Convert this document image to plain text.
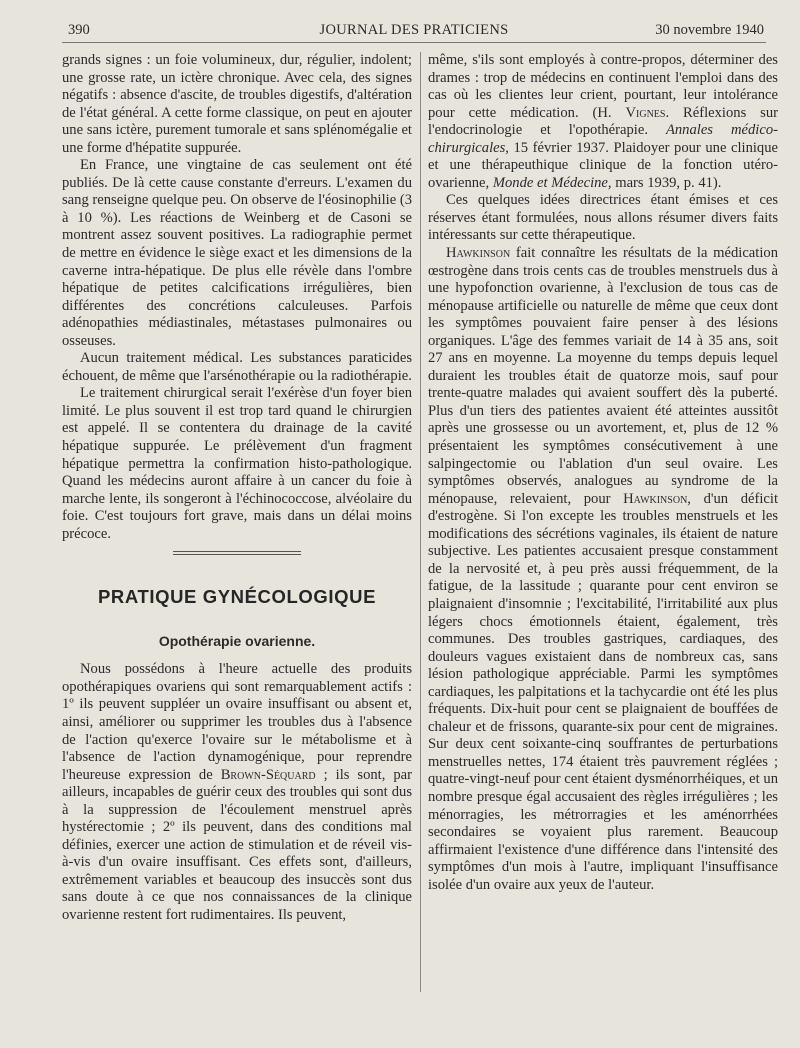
390	JOURNAL DES PRATICIENS	30 novembre 1940

grands signes : un foie volumineux, dur, régulier, indolent; une grosse rate, un ictère chronique. Avec cela, des signes négatifs : absence d'ascite, de troubles digestifs, d'altération de l'état général. A cette forme classique, on peut en ajouter une sans ictère, purement tumorale et sans splénomégalie et une forme d'hépatite suppurée.

En France, une vingtaine de cas seulement ont été publiés. De là cette cause constante d'erreurs. L'examen du sang renseigne quelque peu. On observe de l'éosinophilie (3 à 10 %). Les réactions de Weinberg et de Casoni se montrent assez souvent positives. La radiographie permet de mettre en évidence le siège exact et les dimensions de la caverne intra-hépatique. De plus elle révèle dans l'ombre hépatique de petites calcifications irrégulières, bien différentes des concrétions calculeuses. Parfois adénopathies médiastinales, métastases pulmonaires ou osseuses.

Aucun traitement médical. Les substances paraticides échouent, de même que l'arsénothérapie ou la radiothérapie.

Le traitement chirurgical serait l'exérèse d'un foyer bien limité. Le plus souvent il est trop tard quand le chirurgien est appelé. Il se contentera du drainage de la cavité hépatique suppurée. Le prélèvement d'un fragment hépatique permettra la confirmation histo-pathologique. Quand les médecins auront affaire à un cancer du foie à marche lente, ils songeront à l'échinococcose, alvéolaire du foie. C'est toujours fort grave, mais dans un délai moins précoce.

PRATIQUE GYNÉCOLOGIQUE
Opothérapie ovarienne.

Nous possédons à l'heure actuelle des produits opothérapiques ovariens qui sont remarquablement actifs : 1º ils peuvent suppléer un ovaire insuffisant ou absent et, ainsi, améliorer ou supprimer les troubles dus à l'absence de l'action qu'exerce l'ovaire sur le métabolisme et à l'absence de l'action dynamogénique, pour reprendre l'heureuse expression de Brown-Séquard ; ils sont, par ailleurs, incapables de guérir ceux des troubles qui sont dus à la suppression de l'écoulement menstruel après hystérectomie ; 2º ils peuvent, dans des conditions mal définies, exercer une action de stimulation et de réveil vis-à-vis d'un ovaire insuffisant. Ces effets sont, d'ailleurs, extrêmement variables et beaucoup des insuccès sont dus sans doute à ce que nos connaissances de la clinique ovarienne restent fort rudimentaires. Ils peuvent,

même, s'ils sont employés à contre-propos, déterminer des drames : trop de médecins en continuent l'emploi dans des cas où les clientes leur crient, pourtant, leur intolérance pour cette médication. (H. Vignes. Réflexions sur l'endocrinologie et l'opothérapie. Annales médico-chirurgicales, 15 février 1937. Plaidoyer pour une clinique et une thérapeuthique clinique de la fonction utéro-ovarienne, Monde et Médecine, mars 1939, p. 41).

Ces quelques idées directrices étant émises et ces réserves étant formulées, nous allons résumer divers faits intéressants sur cette thérapeutique.

Hawkinson fait connaître les résultats de la médication œstrogène dans trois cents cas de troubles menstruels dus à une hypofonction ovarienne, à l'exclusion de tous cas de ménopause artificielle ou naturelle de même que ceux dont les symptômes pouvaient faire penser à des lésions organiques. L'âge des femmes variait de 14 à 35 ans, soit 27 ans en moyenne. La moyenne du temps depuis lequel duraient les troubles était de quatorze mois, sauf pour trente-quatre malades qui avaient souffert dès la puberté. Plus d'un tiers des patientes avaient été atteintes aussitôt après une grossesse ou un avortement, et, plus de 12 % présentaient les symptômes consécutivement à une salpingectomie ou l'ablation d'un seul ovaire. Les symptômes observés, analogues au syndrome de la ménopause, relevaient, pour Hawkinson, d'un déficit d'estrogène. Si l'on excepte les troubles menstruels et les modifications des sécrétions vaginales, ils étaient de nature subjective. Les patientes accusaient presque constamment de la nervosité et, à peu près aussi fréquemment, de la fatigue, de la lassitude ; quarante pour cent environ se plaignaient d'insomnie ; l'excitabilité, l'irritabilité aux plus légers chocs émotionnels étaient, également, très communes. Des troubles gastriques, cardiaques, des douleurs vagues existaient dans de nombreux cas, sans lésion pathologique appréciable. Parmi les symptômes cardiaques, les palpitations et la tachycardie ont été les plus fréquents. Dix-huit pour cent se plaignaient de bouffées de chaleur et de frissons, quarante-six pour cent de migraines. Sur deux cent soixante-cinq souffrantes de perturbations menstruelles nettes, 174 étaient très pauvrement réglées ; quatre-vingt-neuf pour cent étaient dysménorrhéiques, et un nombre presque égal accusaient des règles irrégulières ; les ménorragies, les métrorragies et les aménorrhées secondaires se voyaient plus rarement. Beaucoup affirmaient l'existence d'une différence dans l'intensité des symptômes d'un mois à l'autre, impliquant l'insuffisance isolée d'un ovaire aux yeux de l'auteur.
